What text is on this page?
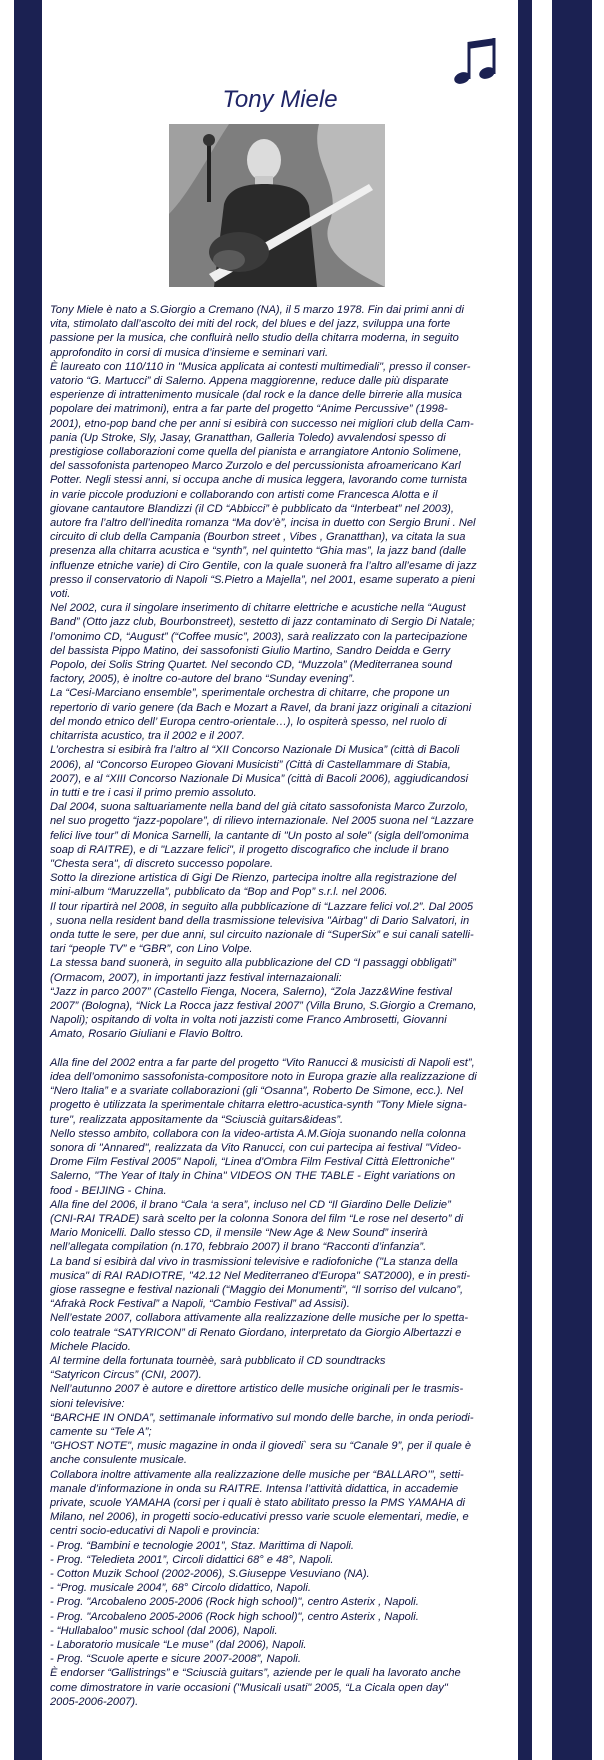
Tony Miele

Tony Miele è nato a S.Giorgio a Cremano (NA), il 5 marzo 1978. Fin dai primi anni di
vita, stimolato dall’ascolto dei miti del rock, del blues e del jazz, sviluppa una forte
passione per la musica, che confluirà nello studio della chitarra moderna, in seguito
approfondito in corsi di musica d’insieme e seminari vari.

È laureato con 110/110 in "Musica applicata ai contesti multimediali", presso il conser-
vatorio “G. Martucci” di Salerno. Appena maggiorenne, reduce dalle più disparate
esperienze di intrattenimento musicale (dal rock e la dance delle birrerie alla musica
popolare dei matrimoni), entra a far parte del progetto “Anime Percussive” (1998-
2001), etno-pop band che per anni si esibirà con successo nei migliori club della Cam-
pania (Up Stroke, Sly, Jasay, Granatthan, Galleria Toledo) avvalendosi spesso di
prestigiose collaborazioni come quella del pianista e arrangiatore Antonio Solimene,
del sassofonista partenopeo Marco Zurzolo e del percussionista afroamericano Karl
Potter. Negli stessi anni, si occupa anche di musica leggera, lavorando come turnista
in varie piccole produzioni e collaborando con artisti come Francesca Alotta e il
giovane cantautore Blandizzi (il CD “Abbicci” è pubblicato da “Interbeat” nel 2003),
autore fra l’altro dell’inedita romanza “Ma dov’è”, incisa in duetto con Sergio Bruni . Nel
circuito di club della Campania (Bourbon street , Vibes , Granatthan), va citata la sua
presenza alla chitarra acustica e “synth”, nel quintetto “Ghia mas”, la jazz band (dalle
influenze etniche varie) di Ciro Gentile, con la quale suonerà fra l’altro all’esame di jazz
presso il conservatorio di Napoli “S.Pietro a Majella”, nel 2001, esame superato a pieni
voti.

Nel 2002, cura il singolare inserimento di chitarre elettriche e acustiche nella “August
Band” (Otto jazz club, Bourbonstreet), sestetto di jazz contaminato di Sergio Di Natale;
l’omonimo CD, “August” (“Coffee music”, 2003), sarà realizzato con la partecipazione
del bassista Pippo Matino, dei sassofonisti Giulio Martino, Sandro Deidda e Gerry
Popolo, dei Solis String Quartet. Nel secondo CD, “Muzzola” (Mediterranea sound
factory, 2005), è inoltre co-autore del brano “Sunday evening”.

La “Cesi-Marciano ensemble”, sperimentale orchestra di chitarre, che propone un
repertorio di vario genere (da Bach e Mozart a Ravel, da brani jazz originali a citazioni
del mondo etnico dell’ Europa centro-orientale…), lo ospiterà spesso, nel ruolo di
chitarrista acustico, tra il 2002 e il 2007.

L’orchestra si esibirà fra l’altro al “XII Concorso Nazionale Di Musica” (città di Bacoli
2006), al “Concorso Europeo Giovani Musicisti” (Città di Castellammare di Stabia,
2007), e al “XIII Concorso Nazionale Di Musica” (città di Bacoli 2006), aggiudicandosi
in tutti e tre i casi il primo premio assoluto.

Dal 2004, suona saltuariamente nella band del già citato sassofonista Marco Zurzolo,
nel suo progetto “jazz-popolare”, di rilievo internazionale. Nel 2005 suona nel “Lazzare
felici live tour” di Monica Sarnelli, la cantante di "Un posto al sole" (sigla dell'omonima
soap di RAITRE), e di "Lazzare felici", il progetto discografico che include il brano
"Chesta sera", di discreto successo popolare.

Sotto la direzione artistica di Gigi De Rienzo, partecipa inoltre alla registrazione del
mini-album “Maruzzella”, pubblicato da “Bop and Pop” s.r.l. nel 2006.

Il tour ripartirà nel 2008, in seguito alla pubblicazione di “Lazzare felici vol.2”. Dal 2005
, suona nella resident band della trasmissione televisiva "Airbag" di Dario Salvatori, in
onda tutte le sere, per due anni, sul circuito nazionale di “SuperSix” e sui canali satelli-
tari “people TV” e “GBR”, con Lino Volpe.

La stessa band suonerà, in seguito alla pubblicazione del CD “I passaggi obbligati”
(Ormacom, 2007), in importanti jazz festival internazaionali:

“Jazz in parco 2007” (Castello Fienga, Nocera, Salerno), “Zola Jazz&Wine festival
2007” (Bologna), “Nick La Rocca jazz festival 2007” (Villa Bruno, S.Giorgio a Cremano,
Napoli); ospitando di volta in volta noti jazzisti come Franco Ambrosetti, Giovanni
Amato, Rosario Giuliani e Flavio Boltro.

Alla fine del 2002 entra a far parte del progetto “Vito Ranucci & musicisti di Napoli est”,
idea dell’omonimo sassofonista-compositore noto in Europa grazie alla realizzazione di
“Nero Italia” e a svariate collaborazioni (gli “Osanna”, Roberto De Simone, ecc.). Nel
progetto è utilizzata la sperimentale chitarra elettro-acustica-synth "Tony Miele signa-
ture", realizzata appositamente da “Sciuscià guitars&ideas”.

Nello stesso ambito, collabora con la video-artista A.M.Gioja suonando nella colonna
sonora di "Annared", realizzata da Vito Ranucci, con cui partecipa ai festival "Video-
Drome Film Festival 2005" Napoli, “Linea d'Ombra Film Festival Città Elettroniche"
Salerno, "The Year of Italy in China" VIDEOS ON THE TABLE - Eight variations on
food - BEIJING - China.

Alla fine del 2006, il brano “Cala ‘a sera”, incluso nel CD “Il Giardino Delle Delizie”
(CNI-RAI TRADE) sarà scelto per la colonna Sonora del film “Le rose nel deserto” di
Mario Monicelli. Dallo stesso CD, il mensile “New Age & New Sound” inserirà
nell’allegata compilation (n.170, febbraio 2007) il brano “Racconti d’infanzia”.

La band si esibirà dal vivo in trasmissioni televisive e radiofoniche ("La stanza della
musica" di RAI RADIOTRE, "42.12 Nel Mediterraneo d'Europa" SAT2000), e in presti-
giose rassegne e festival nazionali (“Maggio dei Monumenti”, “Il sorriso del vulcano”,
“Afrakà Rock Festival” a Napoli, “Cambio Festival” ad Assisi).

Nell’estate 2007, collabora attivamente alla realizzazione delle musiche per lo spetta-
colo teatrale “SATYRICON” di Renato Giordano, interpretato da Giorgio Albertazzi e
Michele Placido.

Al termine della fortunata tournèè, sarà pubblicato il CD soundtracks
“Satyricon Circus” (CNI, 2007).

Nell’autunno 2007 è autore e direttore artistico delle musiche originali per le trasmis-
sioni televisive:

“BARCHE IN ONDA”, settimanale informativo sul mondo delle barche, in onda periodi-
camente su “Tele A”;

"GHOST NOTE", music magazine in onda il giovedi` sera su “Canale 9”, per il quale è
anche consulente musicale.

Collabora inoltre attivamente alla realizzazione delle musiche per “BALLARO’”, setti-
manale d’informazione in onda su RAITRE. Intensa l’attività didattica, in accademie
private, scuole YAMAHA (corsi per i quali è stato abilitato presso la PMS YAMAHA di
Milano, nel 2006), in progetti socio-educativi presso varie scuole elementari, medie, e
centri socio-educativi di Napoli e provincia:

- Prog. “Bambini e tecnologie 2001”, Staz. Marittima di Napoli.

- Prog. “Teledieta 2001”, Circoli didattici 68° e 48°, Napoli.

- Cotton Muzik School (2002-2006), S.Giuseppe Vesuviano (NA).

- “Prog. musicale 2004”, 68° Circolo didattico, Napoli.

- Prog. "Arcobaleno 2005-2006 (Rock high school)", centro Asterix , Napoli.

- Prog. "Arcobaleno 2005-2006 (Rock high school)", centro Asterix , Napoli.

- “Hullabaloo” music school (dal 2006), Napoli.

- Laboratorio musicale “Le muse” (dal 2006), Napoli.

- Prog. “Scuole aperte e sicure 2007-2008”, Napoli.

È endorser “Gallistrings” e “Sciuscià guitars”, aziende per le quali ha lavorato anche
come dimostratore in varie occasioni ("Musicali usati" 2005, “La Cicala open day"
2005-2006-2007).
